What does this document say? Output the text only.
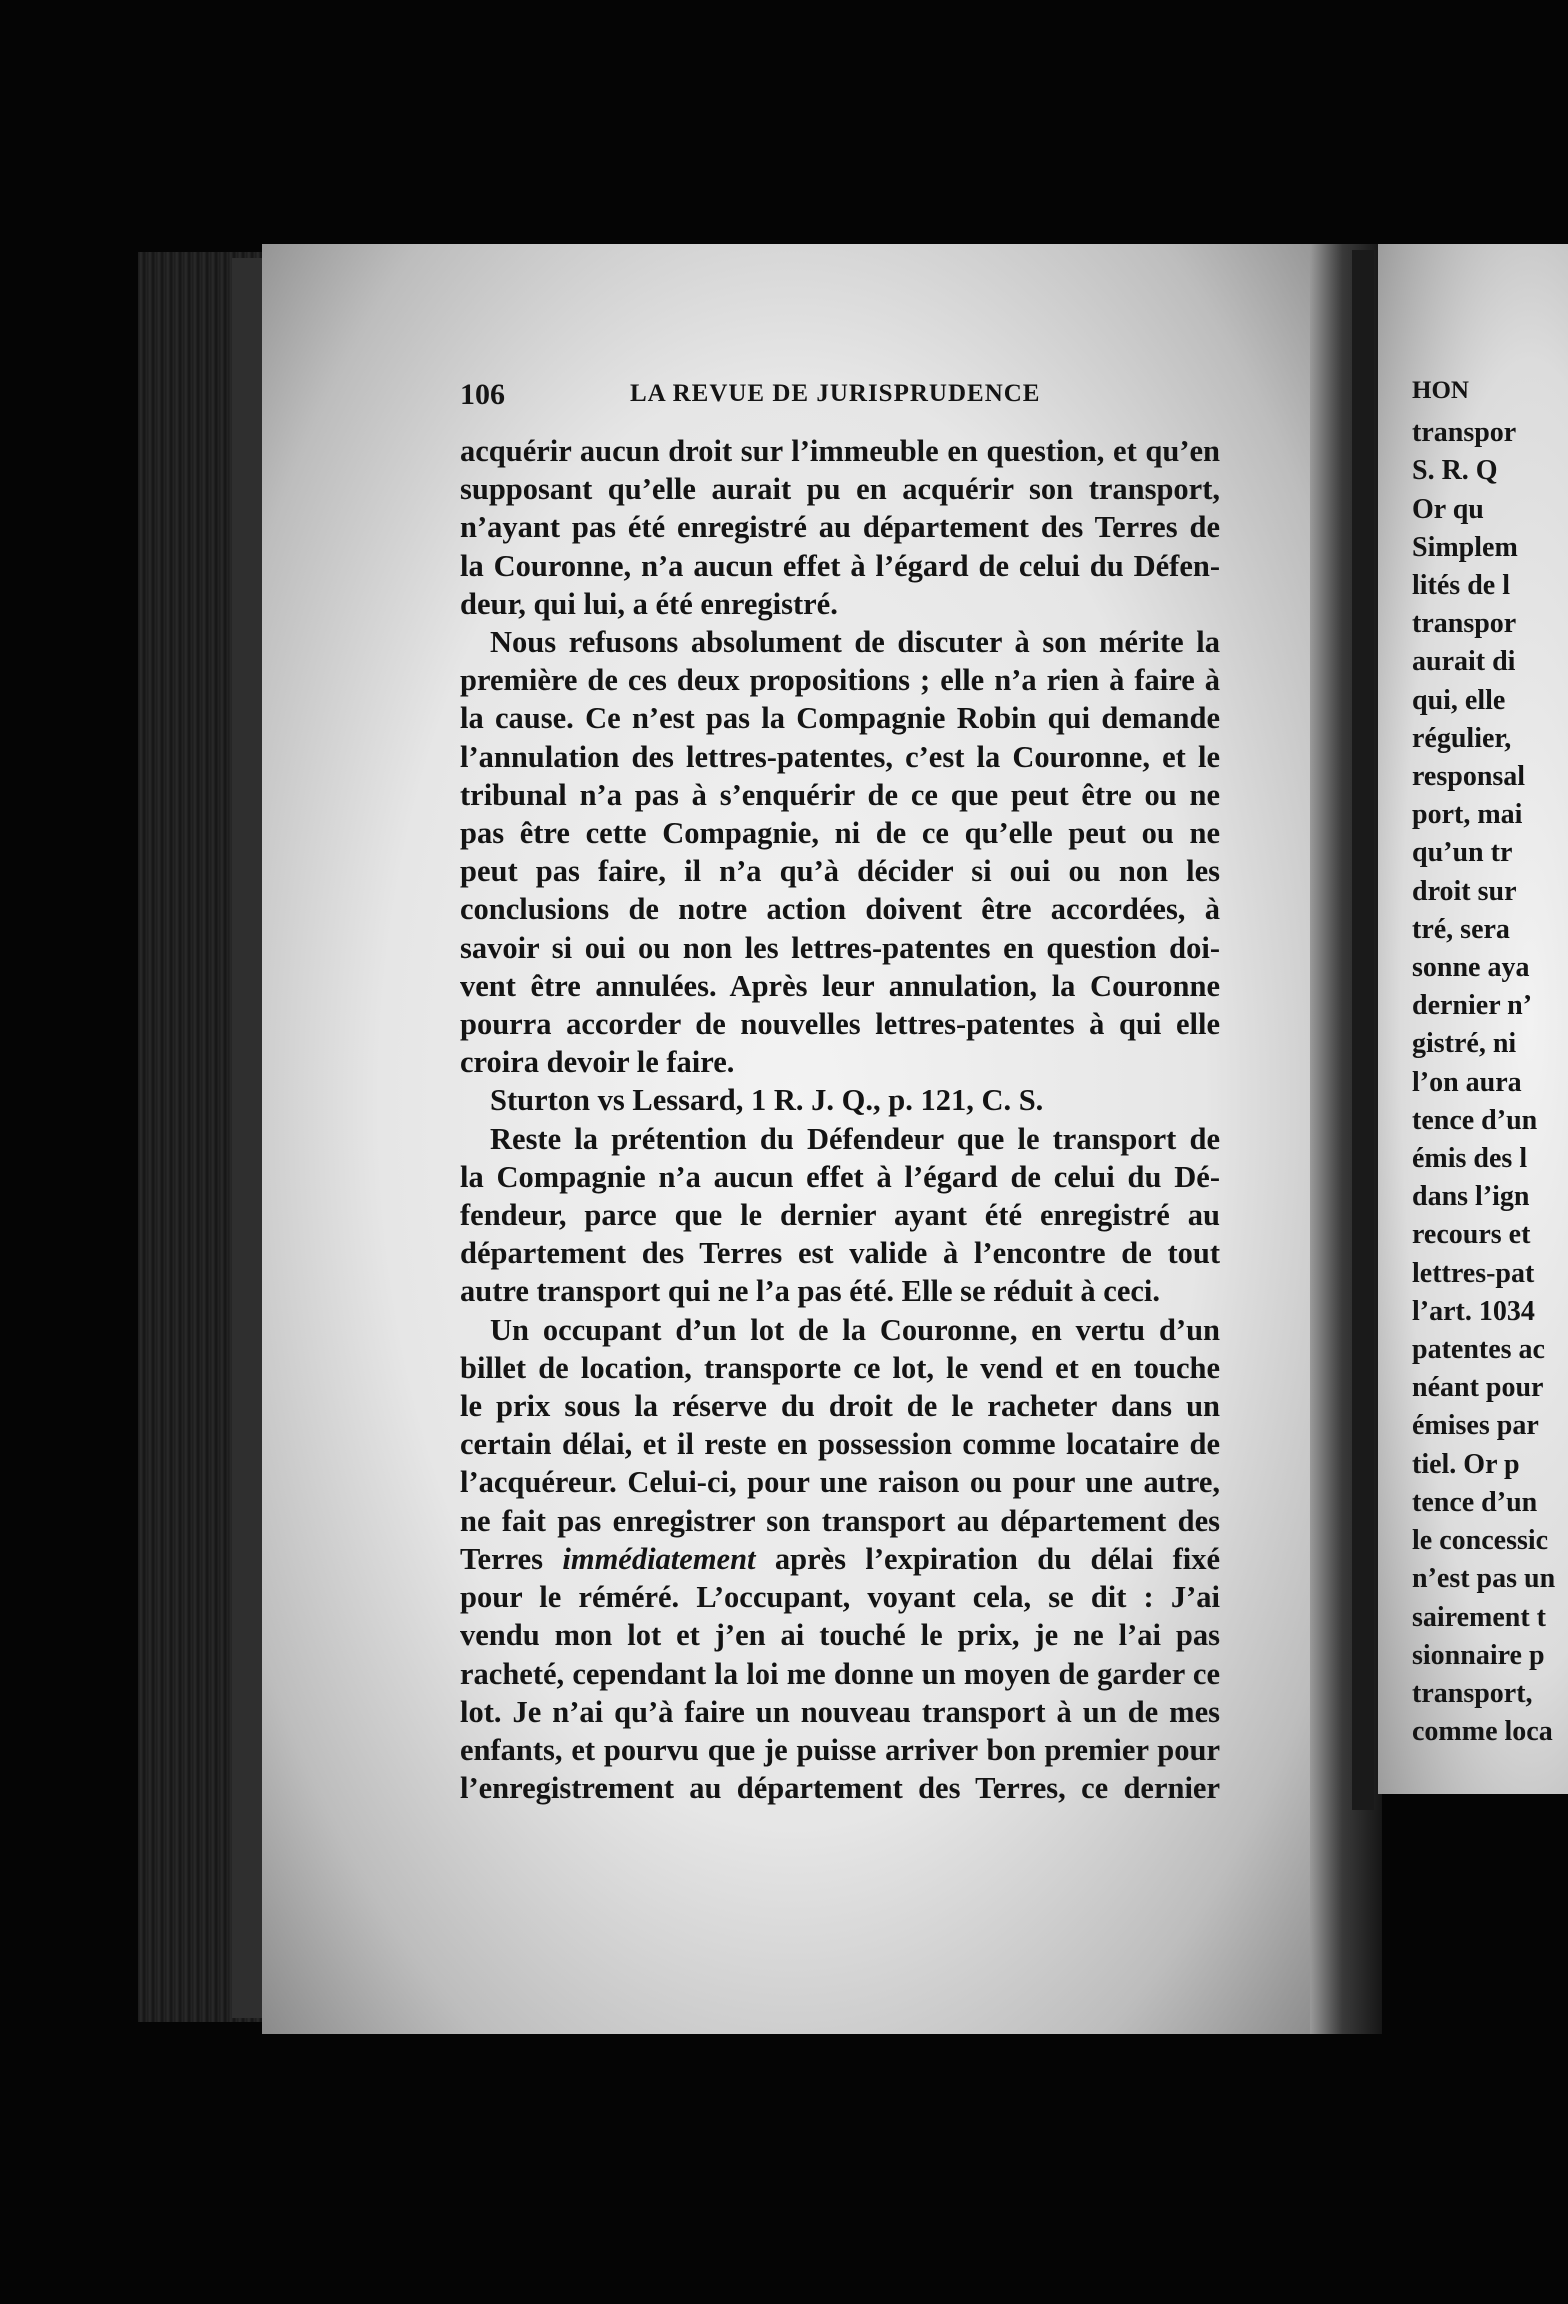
106	LA REVUE DE JURISPRUDENCE
acquérir aucun droit sur l’immeuble en question, et qu’en
supposant qu’elle aurait pu en acquérir son transport,
n’ayant pas été enregistré au département des Terres de
la Couronne, n’a aucun effet à l’égard de celui du Défen-
deur, qui lui, a été enregistré.
Nous refusons absolument de discuter à son mérite la
première de ces deux propositions ; elle n’a rien à faire à
la cause. Ce n’est pas la Compagnie Robin qui demande
l’annulation des lettres-patentes, c’est la Couronne, et le
tribunal n’a pas à s’enquérir de ce que peut être ou ne
pas être cette Compagnie, ni de ce qu’elle peut ou ne
peut pas faire, il n’a qu’à décider si oui ou non les
conclusions de notre action doivent être accordées, à
savoir si oui ou non les lettres-patentes en question doi-
vent être annulées. Après leur annulation, la Couronne
pourra accorder de nouvelles lettres-patentes à qui elle
croira devoir le faire.
Sturton vs Lessard, 1 R. J. Q., p. 121, C. S.
Reste la prétention du Défendeur que le transport de
la Compagnie n’a aucun effet à l’égard de celui du Dé-
fendeur, parce que le dernier ayant été enregistré au
département des Terres est valide à l’encontre de tout
autre transport qui ne l’a pas été. Elle se réduit à ceci.
Un occupant d’un lot de la Couronne, en vertu d’un
billet de location, transporte ce lot, le vend et en touche
le prix sous la réserve du droit de le racheter dans un
certain délai, et il reste en possession comme locataire de
l’acquéreur. Celui-ci, pour une raison ou pour une autre,
ne fait pas enregistrer son transport au département des
Terres immédiatement après l’expiration du délai fixé
pour le réméré. L’occupant, voyant cela, se dit : J’ai
vendu mon lot et j’en ai touché le prix, je ne l’ai pas
racheté, cependant la loi me donne un moyen de garder ce
lot. Je n’ai qu’à faire un nouveau transport à un de mes
enfants, et pourvu que je puisse arriver bon premier pour
l’enregistrement au département des Terres, ce dernier
HON
transpor
S. R. Q
Or qu
Simplem
lités de l
transpor
aurait di
qui, elle
régulier,
responsal
port, mai
qu’un tr
droit sur
tré, sera
sonne aya
dernier n’
gistré, ni
l’on aura
tence d’un
émis des l
dans l’ign
recours et
lettres-pat
l’art. 1034
patentes ac
néant pour
émises par
tiel. Or p
tence d’un
le concessic
n’est pas un
sairement t
sionnaire p
transport,
comme loca
